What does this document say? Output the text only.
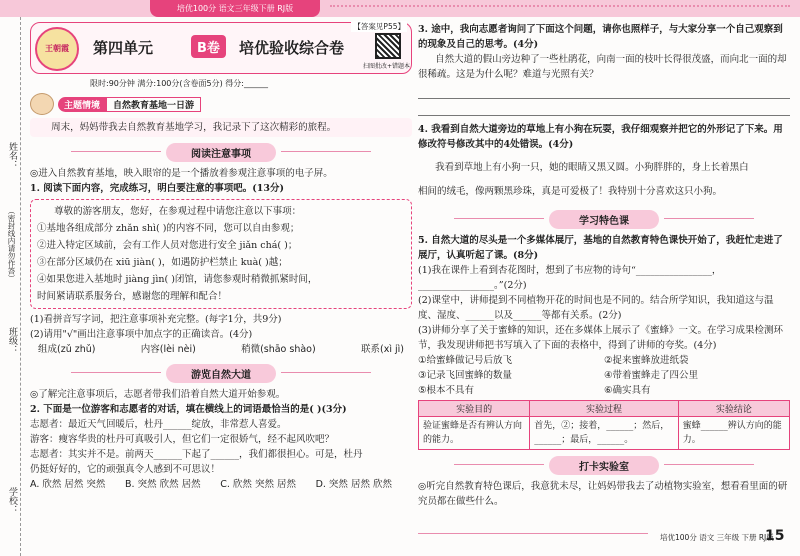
培优100分 语文三年级下册 RJ版
姓名：
（密封线内请勿作答）
班级：
学校：
王朝霞	第四单元	B卷	培优验收综合卷
【答案见P55】
扫图批改+错题本
限时:90分钟 满分:100分(含卷面5分) 得分:______
主题情境	自然教育基地一日游

周末，妈妈带我去自然教育基地学习，我记录下了这次精彩的旅程。

阅读注意事项

◎进入自然教育基地，映入眼帘的是一个播放着参观注意事项的电子屏。

1. 阅读下面内容，完成练习，明白要注意的事项吧。(13分)

尊敬的游客朋友，您好，在参观过程中请您注意以下事项：

①基地各组成部分 zhǎn shì( )的内容不同，您可以自由参观；

②进入特定区域前，会有工作人员对您进行安全 jiǎn chá( )；

③在部分区域仍在 xiū jiàn( )，如遇防护栏禁止 kuà( )越；

④如果您进入基地时 jiàng jìn( )闭馆，请您参观时稍微抓紧时间，

时间紧请联系服务台，感谢您的理解和配合！

(1)看拼音写字词，把注意事项补充完整。(每字1分，共9分)

(2)请用"√"画出注意事项中加点字的正确读音。(4分)

组成(zǔ zhǔ)	内容(lèi nèi)	稍微(shāo shào)	联系(xì jì)
游览自然大道

◎了解完注意事项后，志愿者带我们沿着自然大道开始参观。

2. 下面是一位游客和志愿者的对话，填在横线上的词语最恰当的是( )(3分)

志愿者：最近天气回暖后，杜丹______绽放，非常惹人喜爱。

游客：瘦容华贵的杜丹可真吸引人，但它们一定很娇气，经不起风吹吧？

志愿者：其实并不是。前两天______下起了______，我们都很担心。可是，杜丹

仍挺好好的，它的顽强真令人感到不可思议！

A. 欣然 居然 突然 B. 突然 欣然 居然 C. 欣然 突然 居然 D. 突然 居然 欣然

3. 途中，我向志愿者询问了下面这个问题，请你也照样子，与大家分享一个自己观察到的现象及自己的思考。(4分)

自然大道的假山旁边种了一些杜鹃花，向南一面的枝叶长得很茂盛，而向北一面的却很稀疏。这是为什么呢？难道与光照有关？

4. 我看到自然大道旁边的草地上有小狗在玩耍，我仔细观察并把它的外形记了下来。用修改符号修改其中的4处错误。(4分)

我看到草地上有小狗一只，她的眼睛又黑又圆。小狗胖胖的，身上长着黑白

相间的绒毛，像两颗黑珍珠，真是可爱极了！我特别十分喜欢这只小狗。

学习特色课

5. 自然大道的尽头是一个多媒体展厅，基地的自然教育特色课快开始了，我赶忙走进了展厅，认真听起了课。(8分)

(1)我在课件上看到杏花图时，想到了韦应物的诗句“________________，

________________。”(2分)

(2)课堂中，讲师提到不同植物开花的时间也是不同的。结合所学知识，我知道这与温度、湿度、______以及______等都有关系。(2分)

(3)讲师分享了关于蜜蜂的知识，还在多媒体上展示了《蜜蜂》一文。在学习成果检测环节，我发现讲师把书写填入了下面的表格中，得到了讲师的夸奖。(4分)

①给蜜蜂做记号后放飞	②捉来蜜蜂放进纸袋
③记录飞回蜜蜂的数量	④带着蜜蜂走了四公里
⑤根本不具有	⑥确实具有
实验目的	实验过程	实验结论
验证蜜蜂是否有辨认方向的能力。	首先，②；接着，______；然后，______；最后，______。	蜜蜂______辨认方向的能力。
打卡实验室

◎听完自然教育特色课后，我意犹未尽，让妈妈带我去了动植物实验室，想看看里面的研究员都在做些什么。

培优100分 语文 三年级 下册 RJ版
15
